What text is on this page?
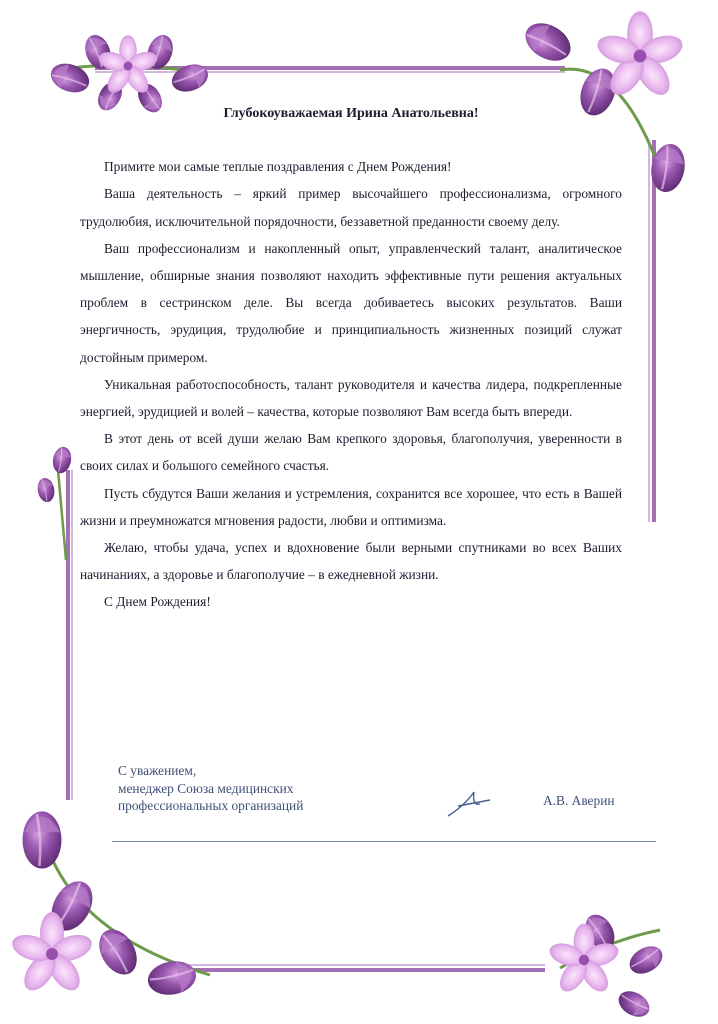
Глубокоуважаемая Ирина Анатольевна!

Примите мои самые теплые поздравления с Днем Рождения!

Ваша деятельность – яркий пример высочайшего профессионализма, огромного трудолюбия, исключительной порядочности, беззаветной преданности своему делу.

Ваш профессионализм и накопленный опыт, управленческий талант, аналитическое мышление, обширные знания позволяют находить эффективные пути решения актуальных проблем в сестринском деле. Вы всегда добиваетесь высоких результатов. Ваши энергичность, эрудиция, трудолюбие и принципиальность жизненных позиций служат достойным примером.

Уникальная работоспособность, талант руководителя и качества лидера, подкрепленные энергией, эрудицией и волей – качества, которые позволяют Вам всегда быть впереди.

В этот день от всей души желаю Вам крепкого здоровья, благополучия, уверенности в своих силах и большого семейного счастья.

Пусть сбудутся Ваши желания и устремления, сохранится все хорошее, что есть в Вашей жизни и преумножатся мгновения радости, любви и оптимизма.

Желаю, чтобы удача, успех и вдохновение были верными спутниками во всех Ваших начинаниях, а здоровье и благополучие – в ежедневной жизни.

С Днем Рождения!

С уважением,
менеджер Союза медицинских
профессиональных организаций	А.В. Аверин
